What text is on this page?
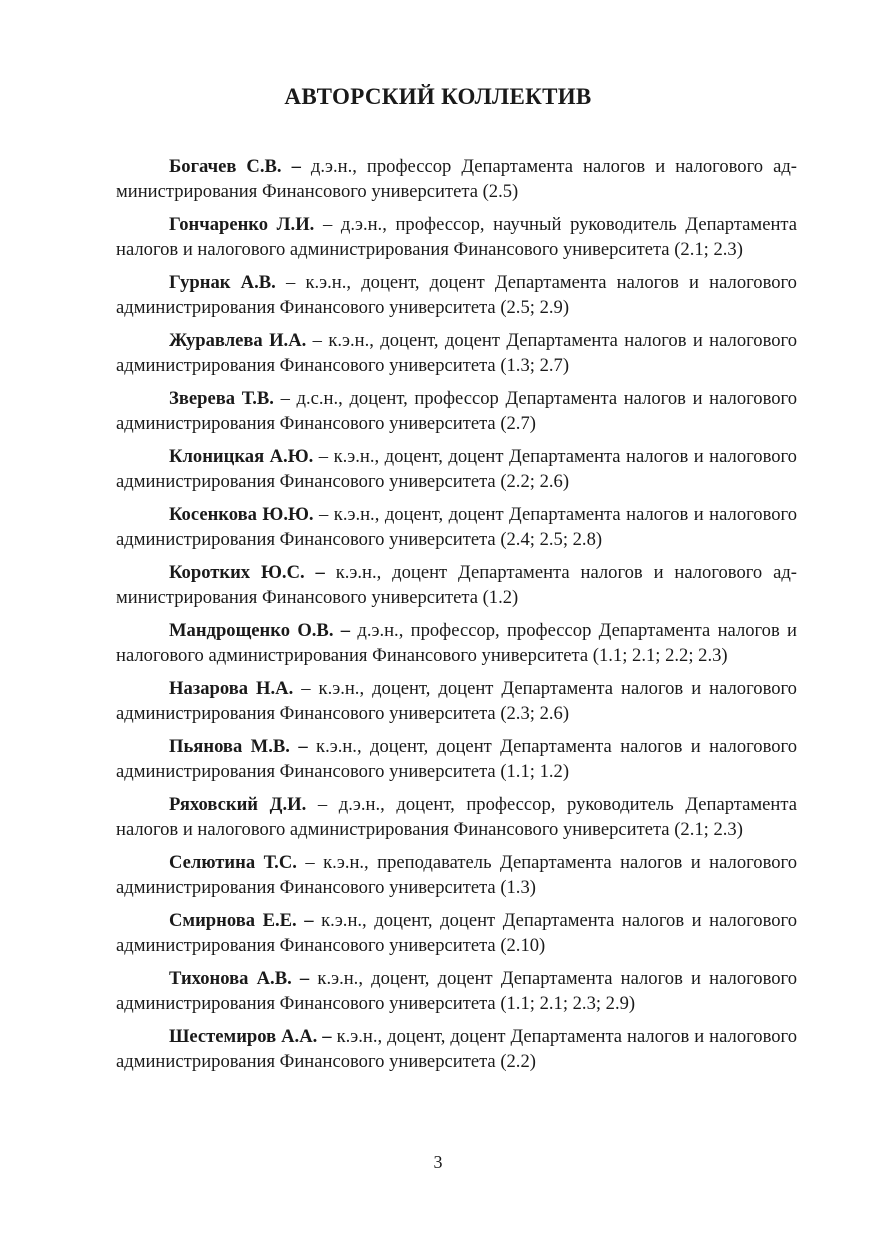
АВТОРСКИЙ КОЛЛЕКТИВ

Богачев С.В. – д.э.н., профессор Департамента налогов и налогового администрирования Финансового университета (2.5)

Гончаренко Л.И. – д.э.н., профессор, научный руководитель Департамента налогов и налогового администрирования Финансового университета (2.1; 2.3)

Гурнак А.В. – к.э.н., доцент, доцент Департамента налогов и налогового администрирования Финансового университета (2.5; 2.9)

Журавлева И.А. – к.э.н., доцент, доцент Департамента налогов и налогового администрирования Финансового университета (1.3; 2.7)

Зверева Т.В. – д.с.н., доцент, профессор Департамента налогов и налогового администрирования Финансового университета (2.7)

Клоницкая А.Ю. – к.э.н., доцент, доцент Департамента налогов и налогового администрирования Финансового университета (2.2; 2.6)

Косенкова Ю.Ю. – к.э.н., доцент, доцент Департамента налогов и налогового администрирования Финансового университета (2.4; 2.5; 2.8)

Коротких Ю.С. – к.э.н., доцент Департамента налогов и налогового администрирования Финансового университета (1.2)

Мандрощенко О.В. – д.э.н., профессор, профессор Департамента налогов и налогового администрирования Финансового университета (1.1; 2.1; 2.2; 2.3)

Назарова Н.А. – к.э.н., доцент, доцент Департамента налогов и налогового администрирования Финансового университета (2.3; 2.6)

Пьянова М.В. – к.э.н., доцент, доцент Департамента налогов и налогового администрирования Финансового университета (1.1; 1.2)

Ряховский Д.И. – д.э.н., доцент, профессор, руководитель Департамента налогов и налогового администрирования Финансового университета (2.1; 2.3)

Селютина Т.С. – к.э.н., преподаватель Департамента налогов и налогового администрирования Финансового университета (1.3)

Смирнова Е.Е. – к.э.н., доцент, доцент Департамента налогов и налогового администрирования Финансового университета (2.10)

Тихонова А.В. – к.э.н., доцент, доцент Департамента налогов и налогового администрирования Финансового университета (1.1; 2.1; 2.3; 2.9)

Шестемиров А.А. – к.э.н., доцент, доцент Департамента налогов и налогового администрирования Финансового университета (2.2)

3
